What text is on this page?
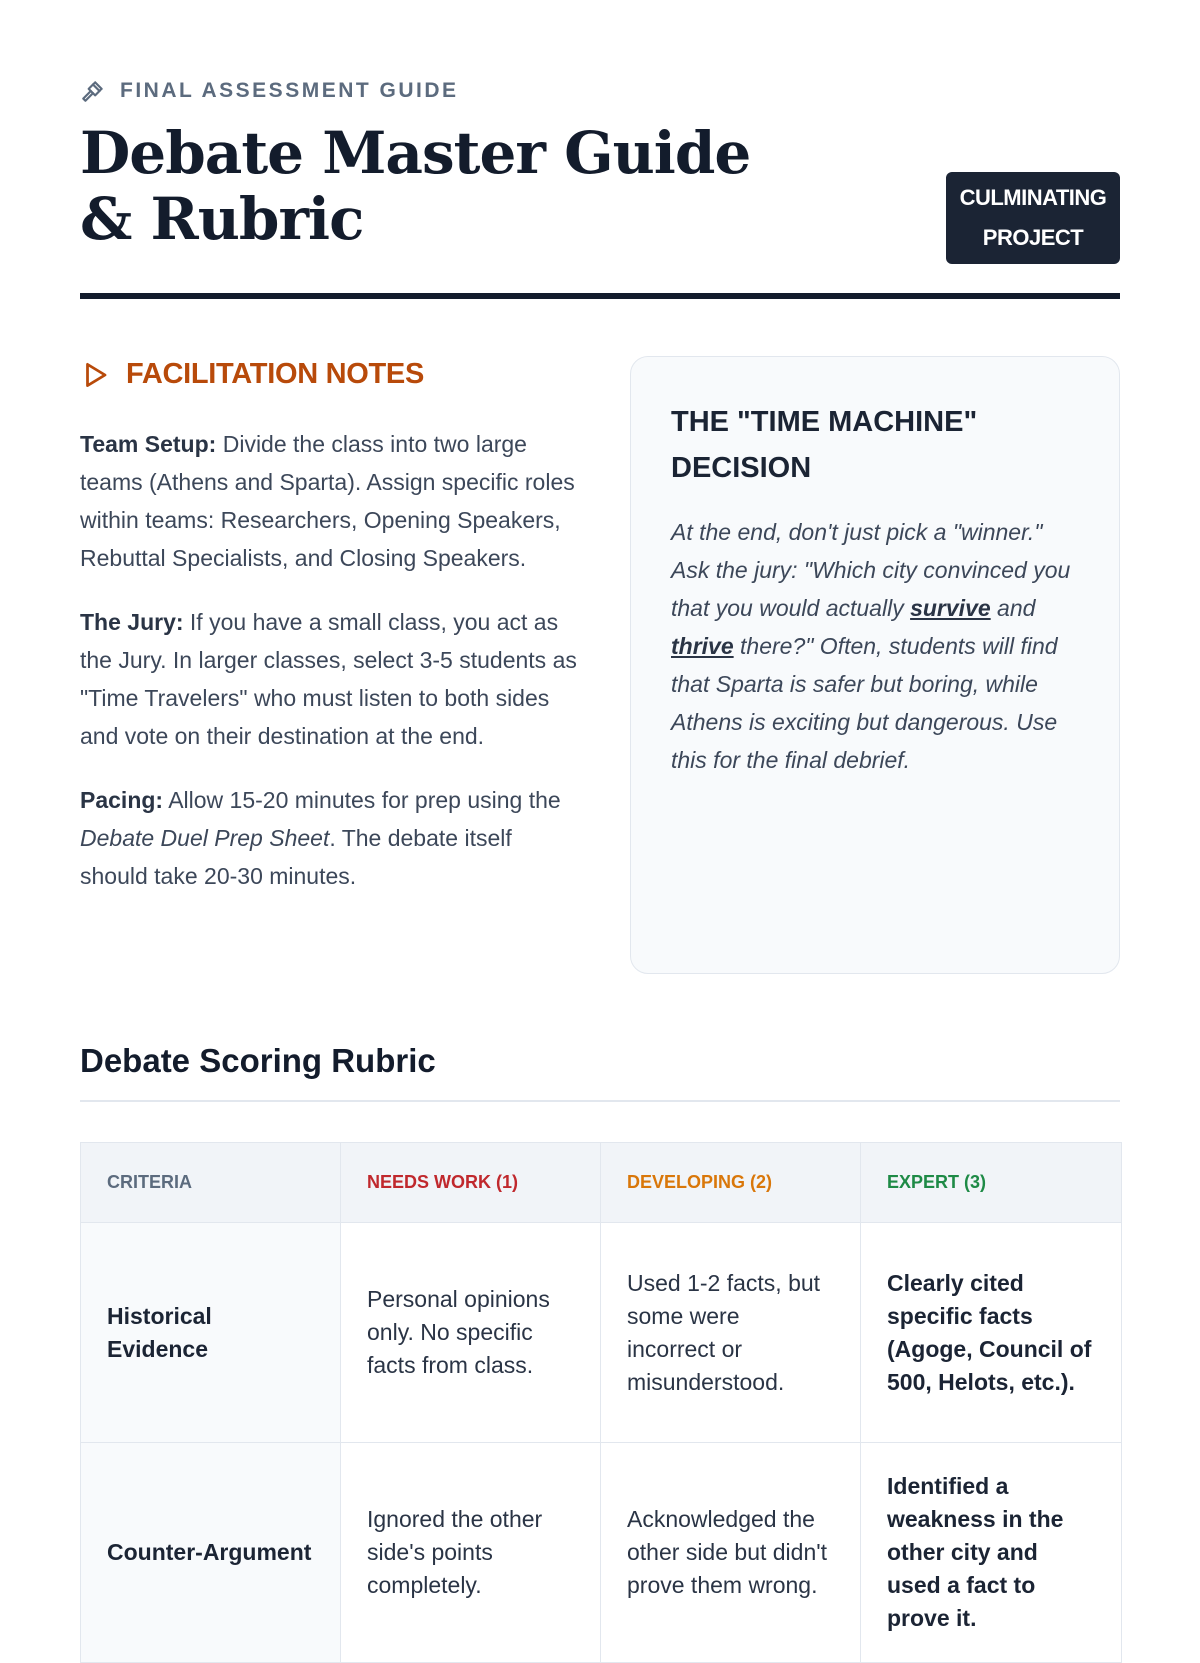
FINAL ASSESSMENT GUIDE
Debate Master Guide & Rubric	CULMINATING PROJECT
FACILITATION NOTES

Team Setup: Divide the class into two large teams (Athens and Sparta). Assign specific roles within teams: Researchers, Opening Speakers, Rebuttal Specialists, and Closing Speakers.

The Jury: If you have a small class, you act as the Jury. In larger classes, select 3-5 students as "Time Travelers" who must listen to both sides and vote on their destination at the end.

Pacing: Allow 15-20 minutes for prep using the Debate Duel Prep Sheet. The debate itself should take 20-30 minutes.

THE "TIME MACHINE" DECISION

At the end, don't just pick a "winner." Ask the jury: "Which city convinced you that you would actually survive and thrive there?" Often, students will find that Sparta is safer but boring, while Athens is exciting but dangerous. Use this for the final debrief.

Debate Scoring Rubric
CRITERIA	NEEDS WORK (1)	DEVELOPING (2)	EXPERT (3)
Historical Evidence	Personal opinions only. No specific facts from class.	Used 1-2 facts, but some were incorrect or misunderstood.	Clearly cited specific facts (Agoge, Council of 500, Helots, etc.).
Counter-Argument	Ignored the other side's points completely.	Acknowledged the other side but didn't prove them wrong.	Identified a weakness in the other city and used a fact to prove it.
